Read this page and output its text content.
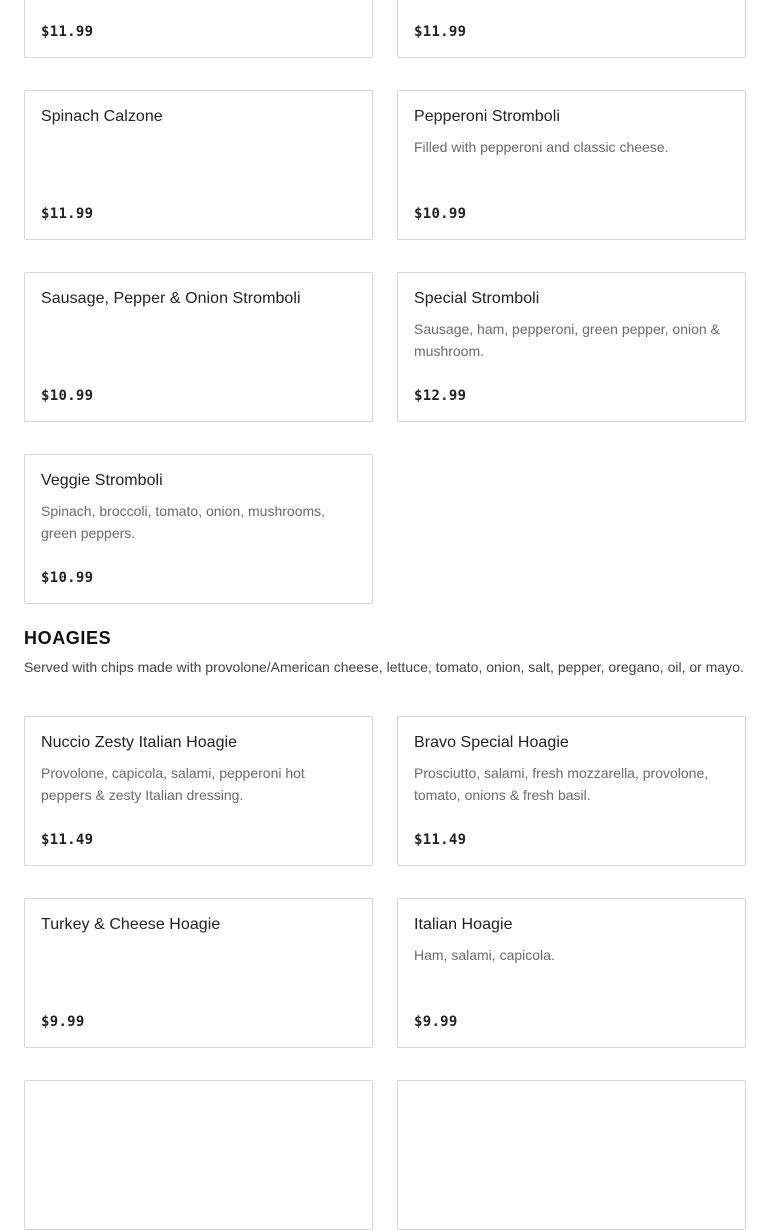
$11.99	$11.99
Spinach Calzone
$11.99
Pepperoni Stromboli
Filled with pepperoni and classic cheese.
$10.99
Sausage, Pepper & Onion Stromboli
$10.99
Special Stromboli
Sausage, ham, pepperoni, green pepper, onion & mushroom.
$12.99
Veggie Stromboli
Spinach, broccoli, tomato, onion, mushrooms, green peppers.
$10.99
HOAGIES
Served with chips made with provolone/American cheese, lettuce, tomato, onion, salt, pepper, oregano, oil, or mayo.
Nuccio Zesty Italian Hoagie
Provolone, capicola, salami, pepperoni hot peppers & zesty Italian dressing.
$11.49
Bravo Special Hoagie
Prosciutto, salami, fresh mozzarella, provolone, tomato, onions & fresh basil.
$11.49
Turkey & Cheese Hoagie
$9.99
Italian Hoagie
Ham, salami, capicola.
$9.99
